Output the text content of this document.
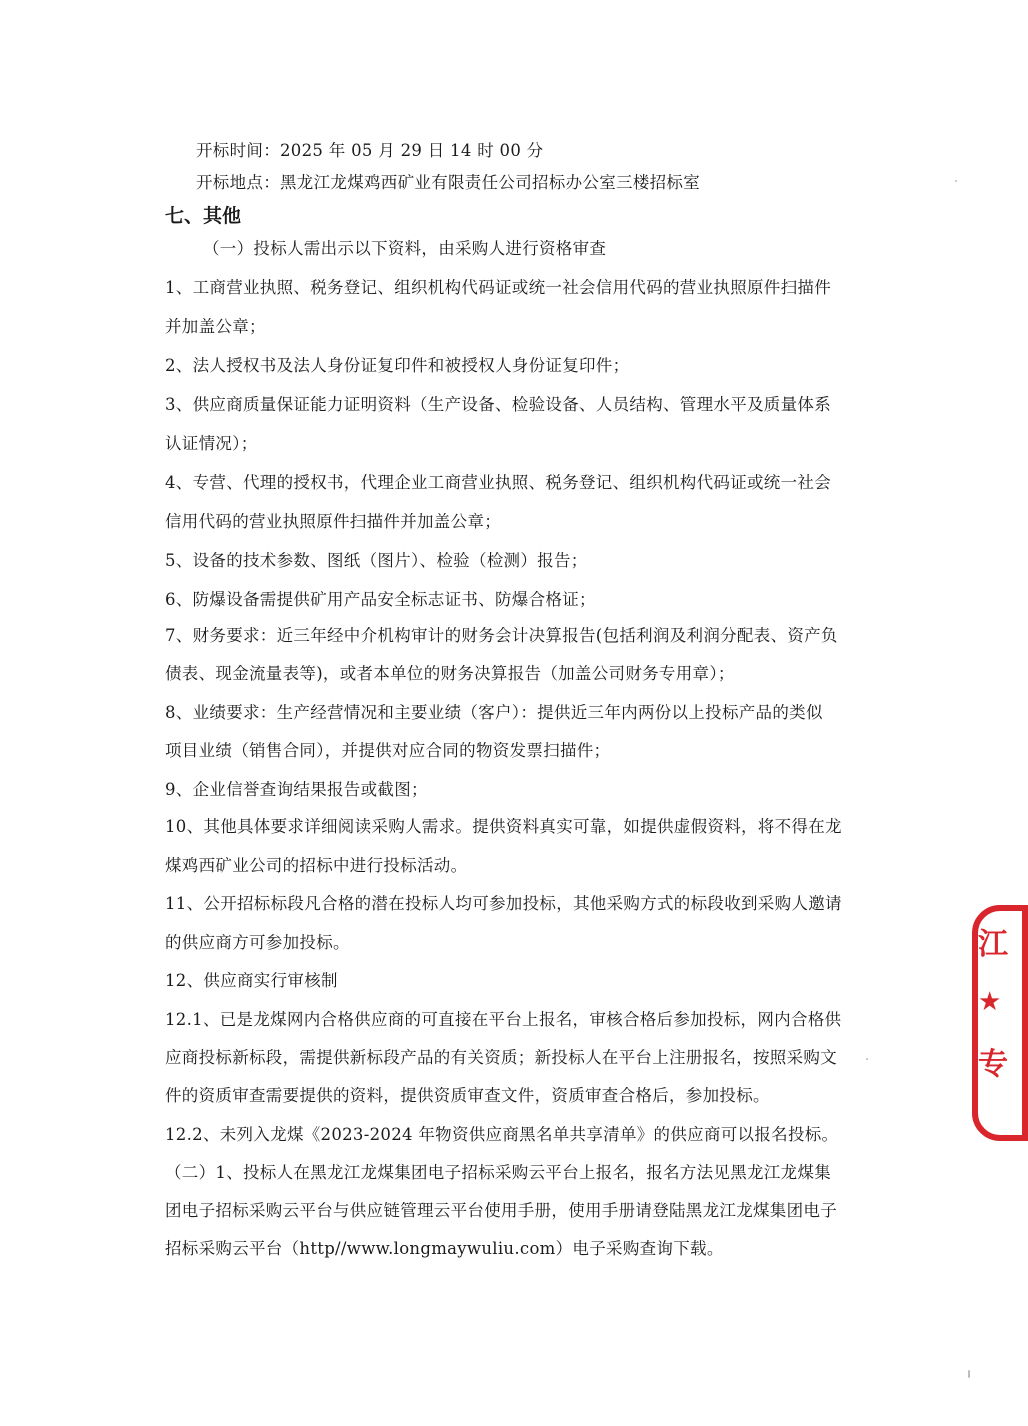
开标时间：2025 年 05 月 29 日 14 时 00 分
开标地点：黑龙江龙煤鸡西矿业有限责任公司招标办公室三楼招标室
七、其他
（一）投标人需出示以下资料，由采购人进行资格审查
1、工商营业执照、税务登记、组织机构代码证或统一社会信用代码的营业执照原件扫描件
并加盖公章；
2、法人授权书及法人身份证复印件和被授权人身份证复印件；
3、供应商质量保证能力证明资料（生产设备、检验设备、人员结构、管理水平及质量体系
认证情况）；
4、专营、代理的授权书，代理企业工商营业执照、税务登记、组织机构代码证或统一社会
信用代码的营业执照原件扫描件并加盖公章；
5、设备的技术参数、图纸（图片）、检验（检测）报告；
6、防爆设备需提供矿用产品安全标志证书、防爆合格证；
7、财务要求：近三年经中介机构审计的财务会计决算报告(包括利润及利润分配表、资产负
债表、现金流量表等)，或者本单位的财务决算报告（加盖公司财务专用章）；
8、业绩要求：生产经营情况和主要业绩（客户）：提供近三年内两份以上投标产品的类似
项目业绩（销售合同），并提供对应合同的物资发票扫描件；
9、企业信誉查询结果报告或截图；
10、其他具体要求详细阅读采购人需求。提供资料真实可靠，如提供虚假资料，将不得在龙
煤鸡西矿业公司的招标中进行投标活动。
11、公开招标标段凡合格的潜在投标人均可参加投标，其他采购方式的标段收到采购人邀请
的供应商方可参加投标。
12、供应商实行审核制
12.1、已是龙煤网内合格供应商的可直接在平台上报名，审核合格后参加投标，网内合格供
应商投标新标段，需提供新标段产品的有关资质；新投标人在平台上注册报名，按照采购文
件的资质审查需要提供的资料，提供资质审查文件，资质审查合格后，参加投标。
12.2、未列入龙煤《2023-2024 年物资供应商黑名单共享清单》的供应商可以报名投标。
（二）1、投标人在黑龙江龙煤集团电子招标采购云平台上报名，报名方法见黑龙江龙煤集
团电子招标采购云平台与供应链管理云平台使用手册，使用手册请登陆黑龙江龙煤集团电子
招标采购云平台（http//www.longmaywuliu.com）电子采购查询下载。
江
★
专
